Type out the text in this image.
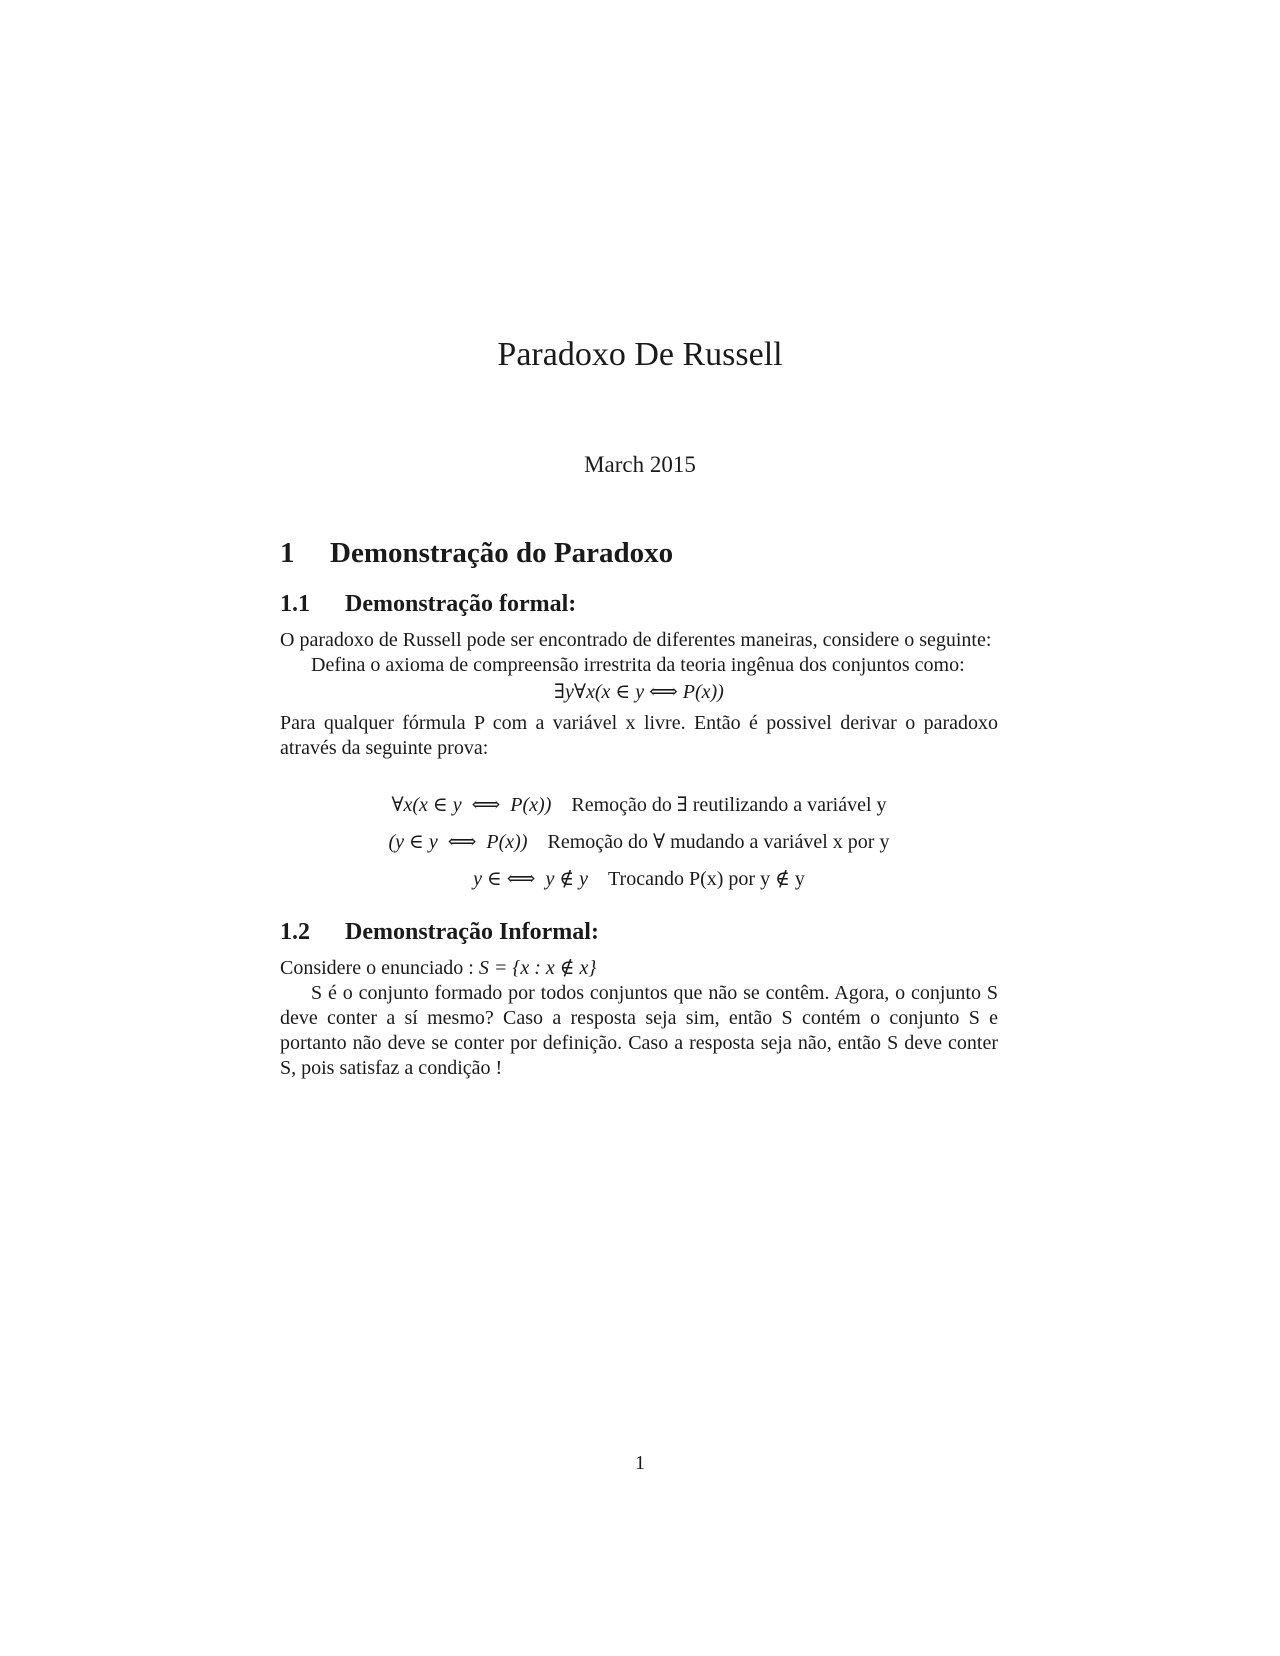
Paradoxo De Russell
March 2015
1 Demonstração do Paradoxo
1.1 Demonstração formal:

O paradoxo de Russell pode ser encontrado de diferentes maneiras, considere o seguinte:

Defina o axioma de compreensão irrestrita da teoria ingênua dos conjuntos como:

∃y∀x(x ∈ y ⟺ P(x))

Para qualquer fórmula P com a variável x livre. Então é possivel derivar o paradoxo através da seguinte prova:

∀x(x ∈ y  ⟺  P(x)) Remoção do ∃ reutilizando a variável y
(y ∈ y  ⟺  P(x)) Remoção do ∀ mudando a variável x por y
y ∈ ⟺  y ∉ y Trocando P(x) por y ∉ y
1.2 Demonstração Informal:

Considere o enunciado : S = {x : x ∉ x}

S é o conjunto formado por todos conjuntos que não se contêm. Agora, o conjunto S deve conter a sí mesmo? Caso a resposta seja sim, então S contém o conjunto S e portanto não deve se conter por definição. Caso a resposta seja não, então S deve conter S, pois satisfaz a condição !

1
